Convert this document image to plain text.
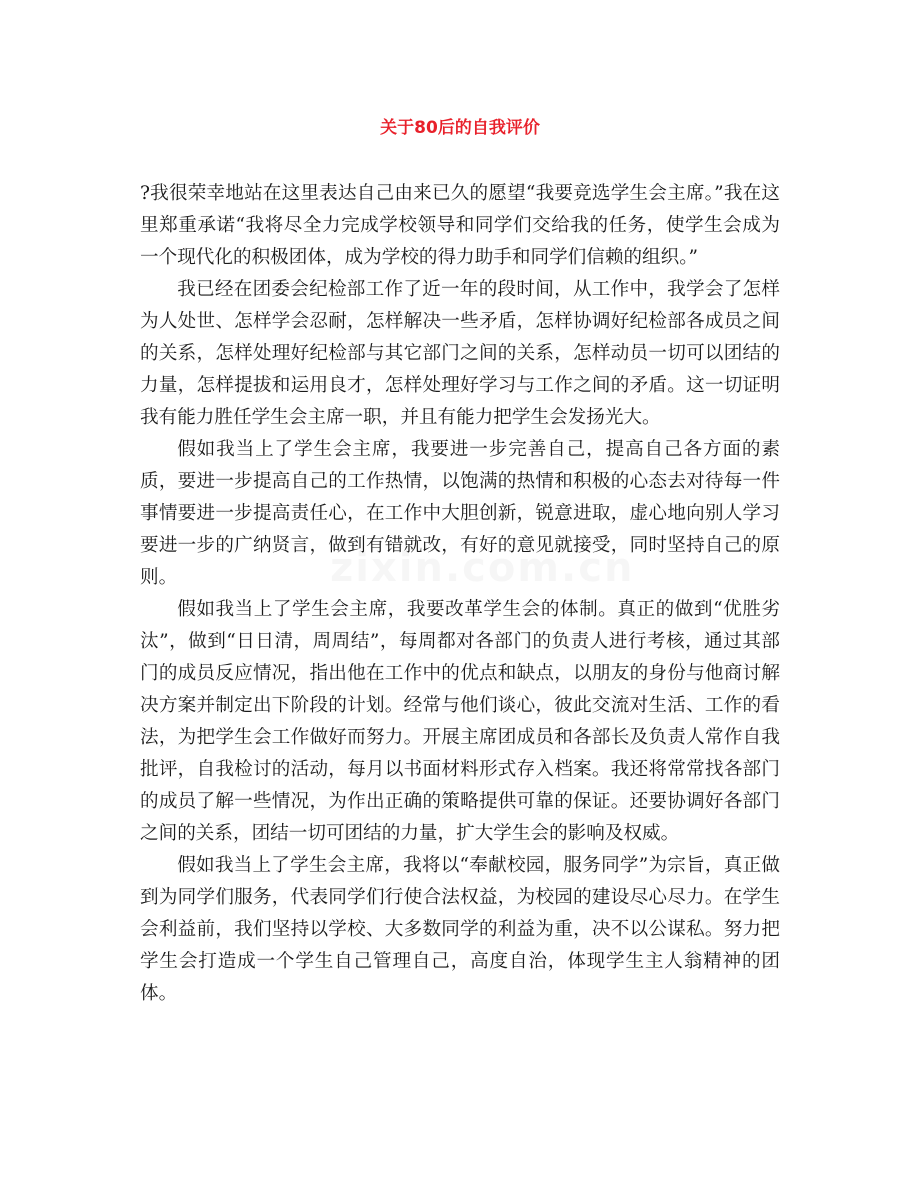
关于80后的自我评价

?我很荣幸地站在这里表达自己由来已久的愿望“我要竞选学生会主席。”我在这里郑重承诺“我将尽全力完成学校领导和同学们交给我的任务，使学生会成为一个现代化的积极团体，成为学校的得力助手和同学们信赖的组织。”

我已经在团委会纪检部工作了近一年的段时间，从工作中，我学会了怎样为人处世、怎样学会忍耐，怎样解决一些矛盾，怎样协调好纪检部各成员之间的关系，怎样处理好纪检部与其它部门之间的关系，怎样动员一切可以团结的力量，怎样提拔和运用良才，怎样处理好学习与工作之间的矛盾。这一切证明我有能力胜任学生会主席一职，并且有能力把学生会发扬光大。

假如我当上了学生会主席，我要进一步完善自己，提高自己各方面的素质，要进一步提高自己的工作热情，以饱满的热情和积极的心态去对待每一件事情要进一步提高责任心，在工作中大胆创新，锐意进取，虚心地向别人学习要进一步的广纳贤言，做到有错就改，有好的意见就接受，同时坚持自己的原则。

假如我当上了学生会主席，我要改革学生会的体制。真正的做到“优胜劣汰”，做到“日日清，周周结”，每周都对各部门的负责人进行考核，通过其部门的成员反应情况，指出他在工作中的优点和缺点，以朋友的身份与他商讨解决方案并制定出下阶段的计划。经常与他们谈心，彼此交流对生活、工作的看法，为把学生会工作做好而努力。开展主席团成员和各部长及负责人常作自我批评，自我检讨的活动，每月以书面材料形式存入档案。我还将常常找各部门的成员了解一些情况，为作出正确的策略提供可靠的保证。还要协调好各部门之间的关系，团结一切可团结的力量，扩大学生会的影响及权威。

假如我当上了学生会主席，我将以“奉献校园，服务同学”为宗旨，真正做到为同学们服务，代表同学们行使合法权益，为校园的建设尽心尽力。在学生会利益前，我们坚持以学校、大多数同学的利益为重，决不以公谋私。努力把学生会打造成一个学生自己管理自己，高度自治，体现学生主人翁精神的团体。
